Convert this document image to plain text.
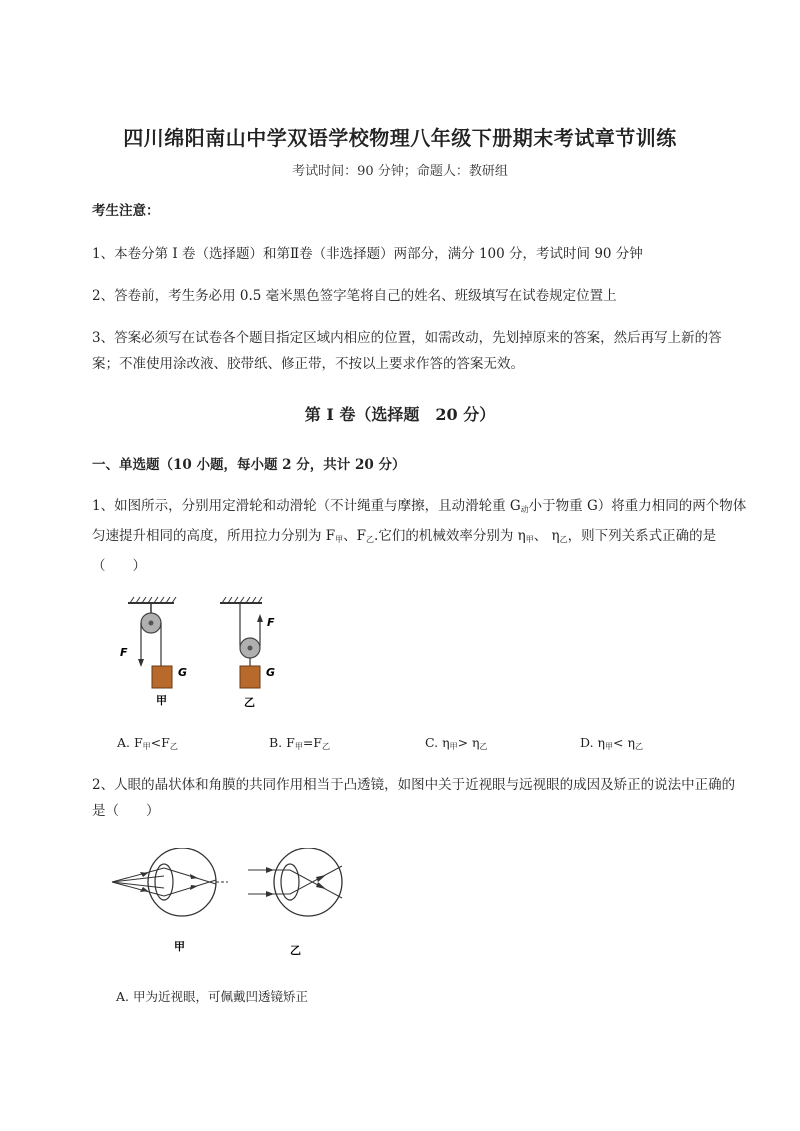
四川绵阳南山中学双语学校物理八年级下册期末考试章节训练
考试时间：90 分钟；命题人：教研组
考生注意：
1、本卷分第 I 卷（选择题）和第Ⅱ卷（非选择题）两部分，满分 100 分，考试时间 90 分钟
2、答卷前，考生务必用 0.5 毫米黑色签字笔将自己的姓名、班级填写在试卷规定位置上
3、答案必须写在试卷各个题目指定区域内相应的位置，如需改动，先划掉原来的答案，然后再写上新的答案；不准使用涂改液、胶带纸、修正带，不按以上要求作答的答案无效。
第 I 卷（选择题　20 分）
一、单选题（10 小题，每小题 2 分，共计 20 分）
1、如图所示，分别用定滑轮和动滑轮（不计绳重与摩擦，且动滑轮重 $G_动$小于物重 G）将重力相同的两个物体匀速提升相同的高度，所用拉力分别为 $F_甲$、$F_乙$.它们的机械效率分别为 $\eta_甲$、 $\eta_乙$，则下列关系式正确的是（　　）
F
G
F
G
甲	乙
A. $F_甲<F_乙$	B. $F_甲=F_乙$	C. $\eta_甲> \eta_乙$	D. $\eta_甲< \eta_乙$
2、人眼的晶状体和角膜的共同作用相当于凸透镜，如图中关于近视眼与远视眼的成因及矫正的说法中正确的是（　　）
甲	乙
A. 甲为近视眼，可佩戴凹透镜矫正
